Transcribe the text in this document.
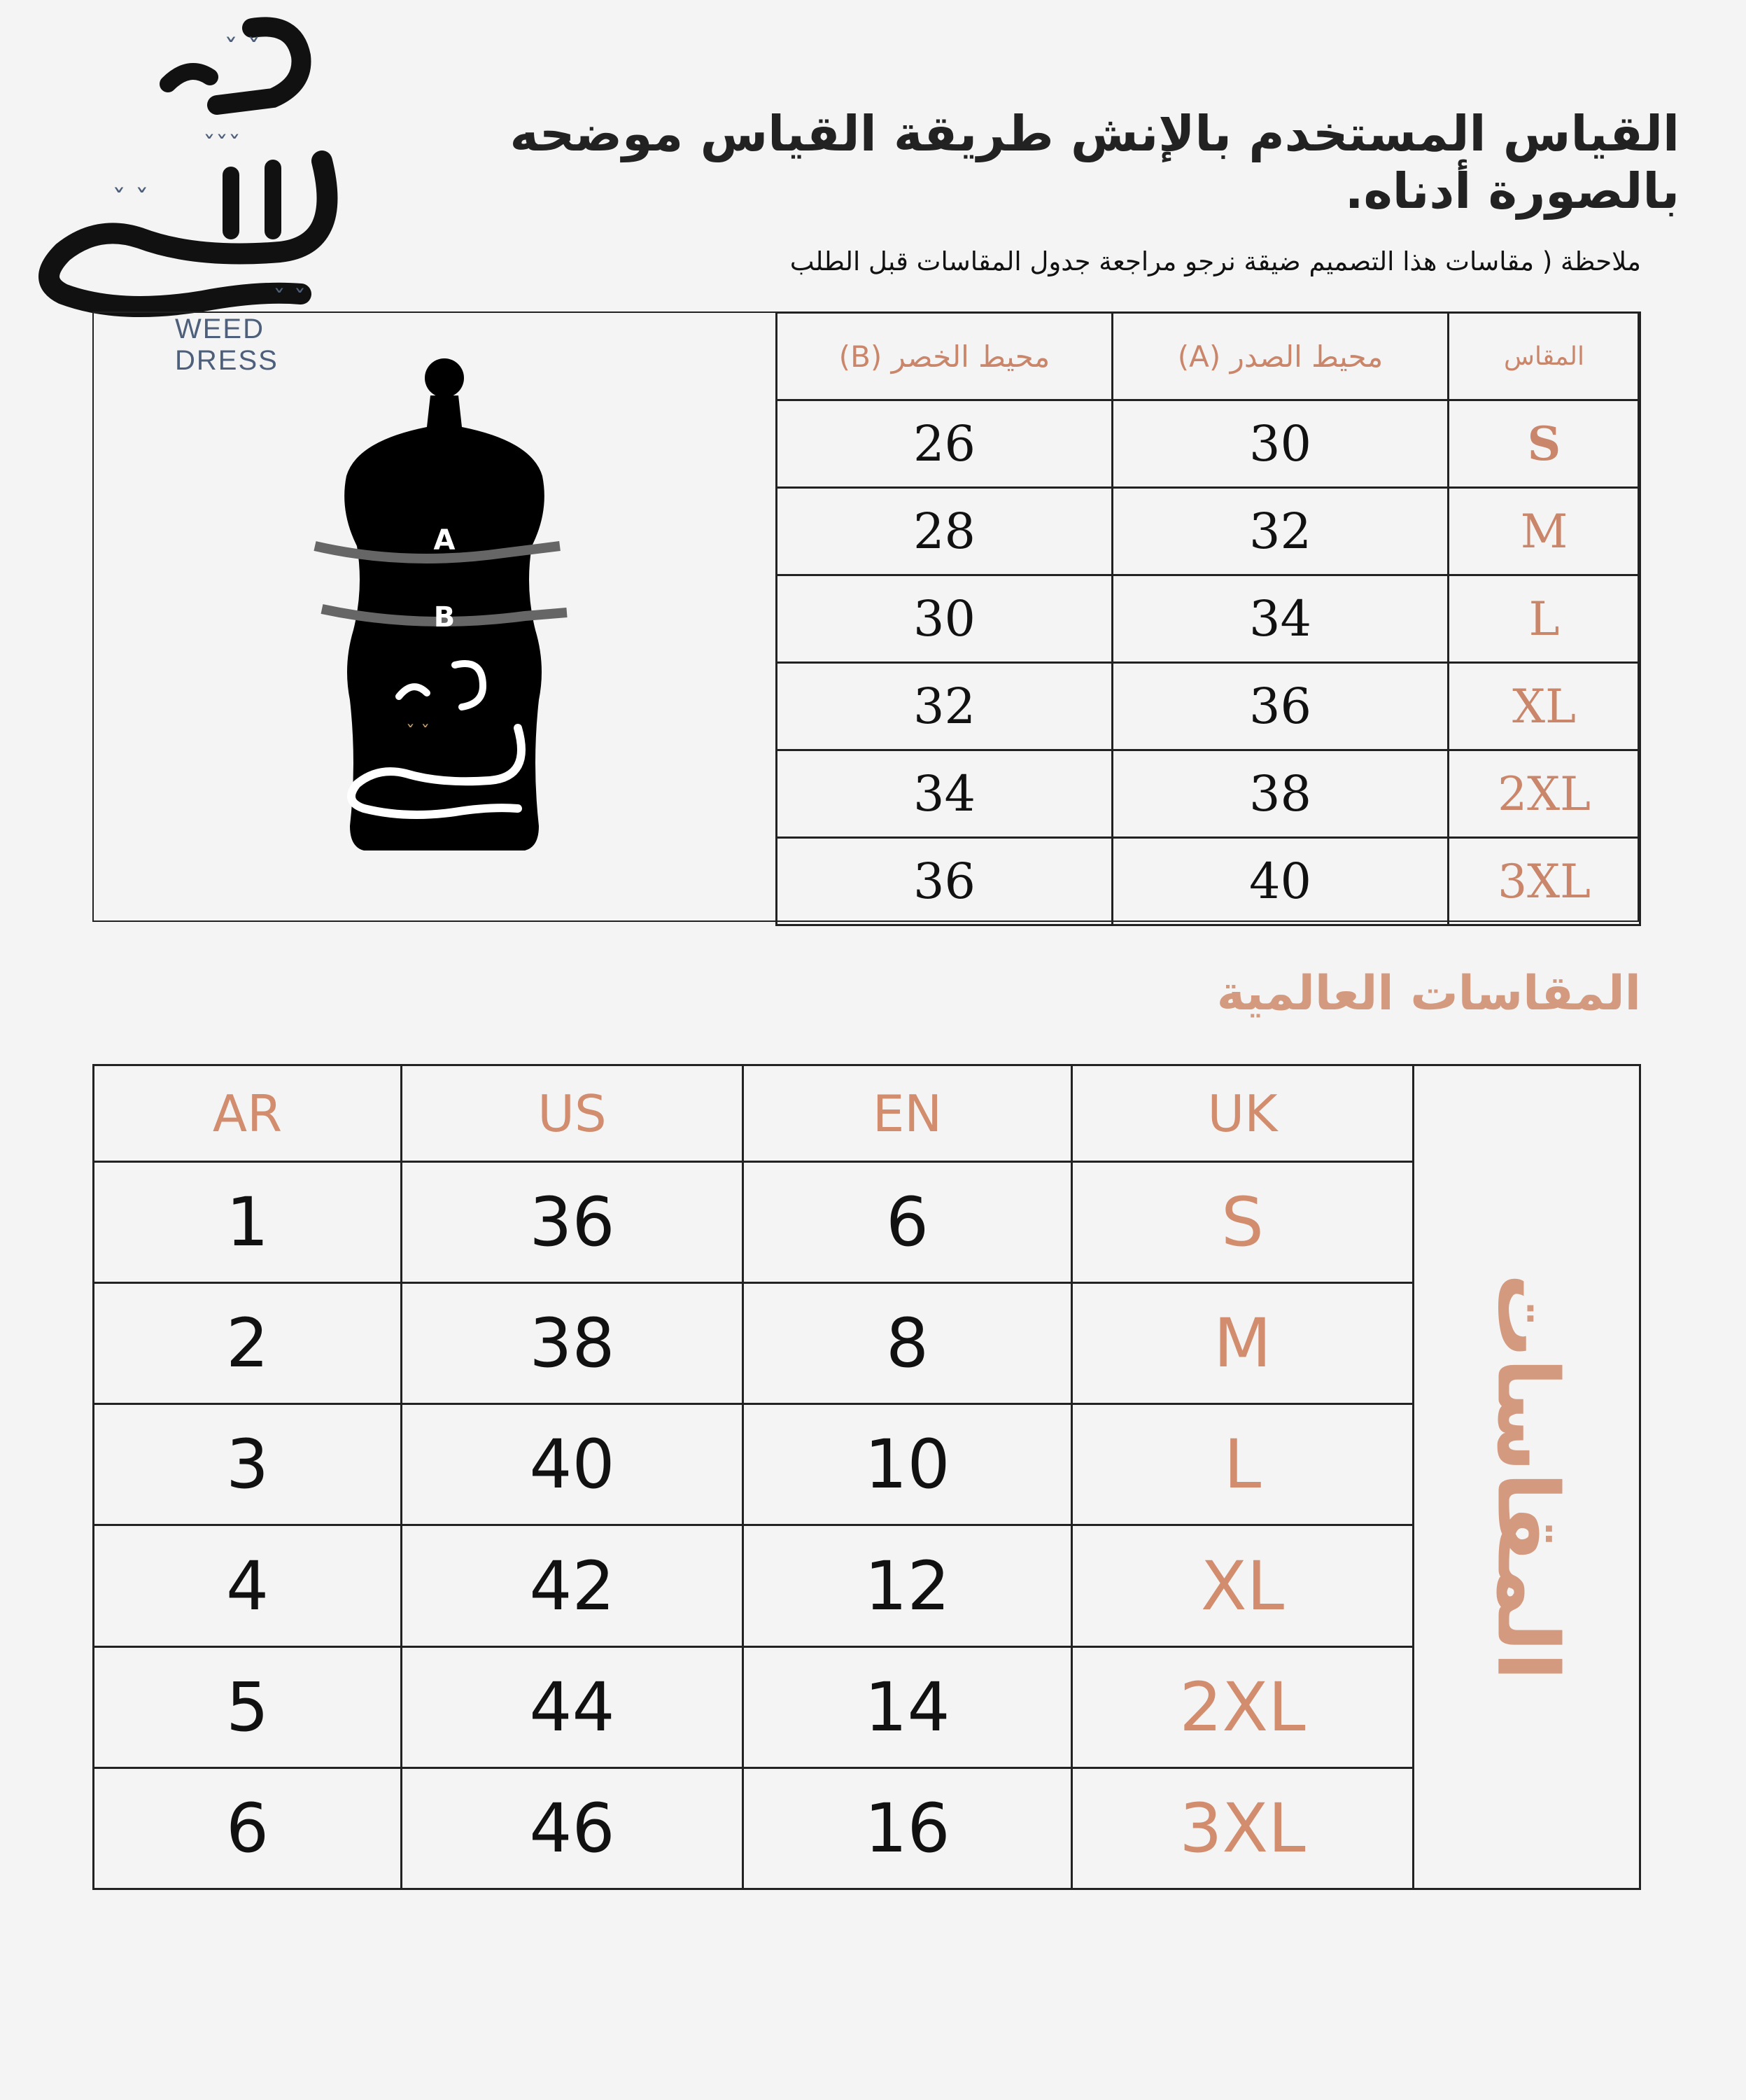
ˇ ˇ
ˇ ˇ
ˇˇˇ
ˇ ˇ
WEED DRESS
القياس المستخدم بالإنش طريقة القياس موضحه بالصورة أدناه.
ملاحظة ( مقاسات هذا التصميم ضيقة نرجو مراجعة جدول المقاسات قبل الطلب
A
B
ˇ ˇ
محيط الخصر (B)	محيط الصدر (A)	المقاس
26	30	S
28	32	M
30	34	L
32	36	XL
34	38	2XL
36	40	3XL
المقاسات العالمية
AR	US	EN	UK	المقاسات

1	36	6	S	
2	38	8	M	
3	40	10	L	
4	42	12	XL	
5	44	14	2XL	
6	46	16	3XL	
